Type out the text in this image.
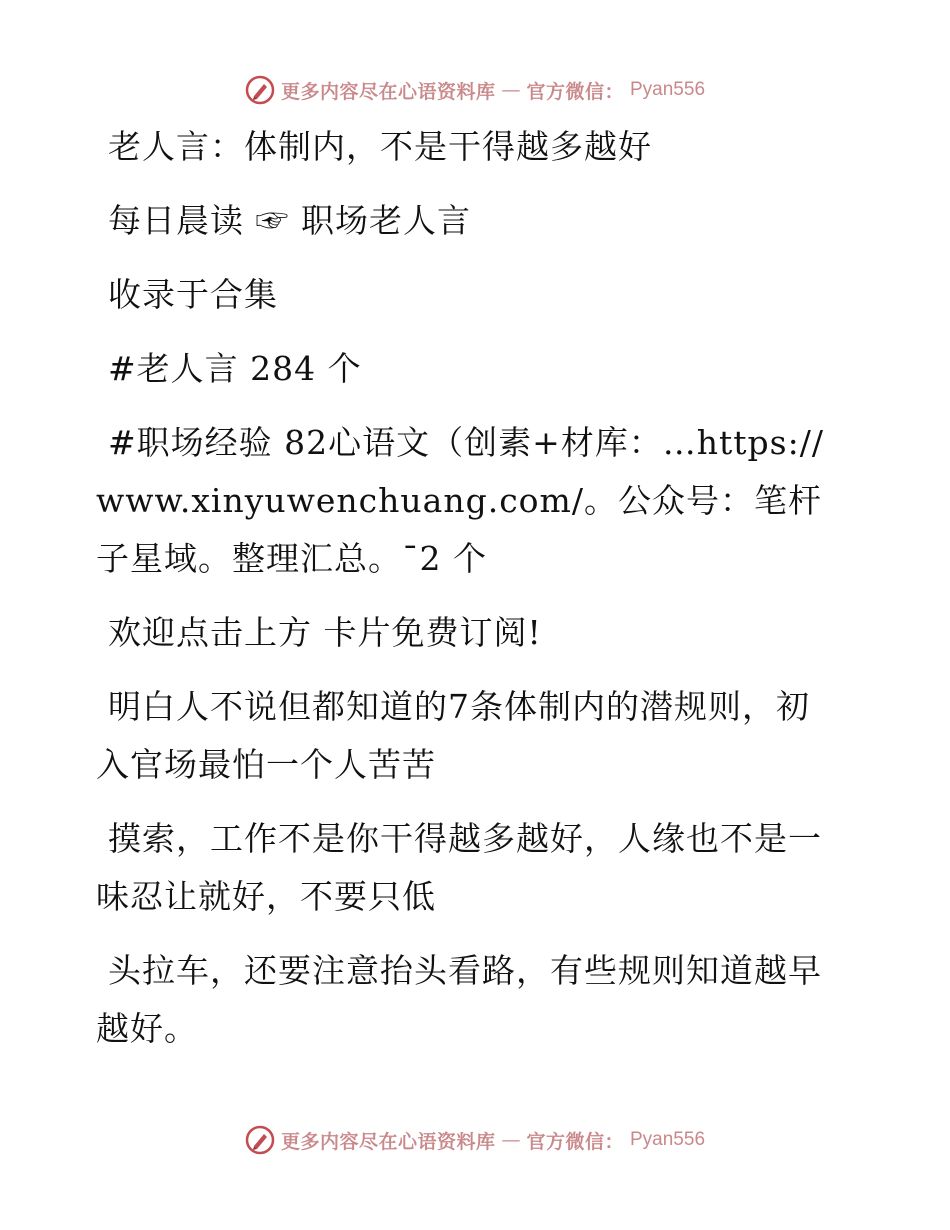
更多内容尽在心语资料库 — 官方微信： Pyan556

老人言：体制内，不是干得越多越好

每日晨读 ☞ 职场老人言

收录于合集

#老人言 284 个

#职场经验 82心语文（创素+材库：…https://www.xinyuwenchuang.com/。公众号：笔杆子星域。整理汇总。¯2 个

欢迎点击上方 卡片免费订阅!

明白人不说但都知道的7条体制内的潜规则，初入官场最怕一个人苦苦

摸索，工作不是你干得越多越好，人缘也不是一味忍让就好，不要只低

头拉车，还要注意抬头看路，有些规则知道越早越好。

更多内容尽在心语资料库 — 官方微信： Pyan556
